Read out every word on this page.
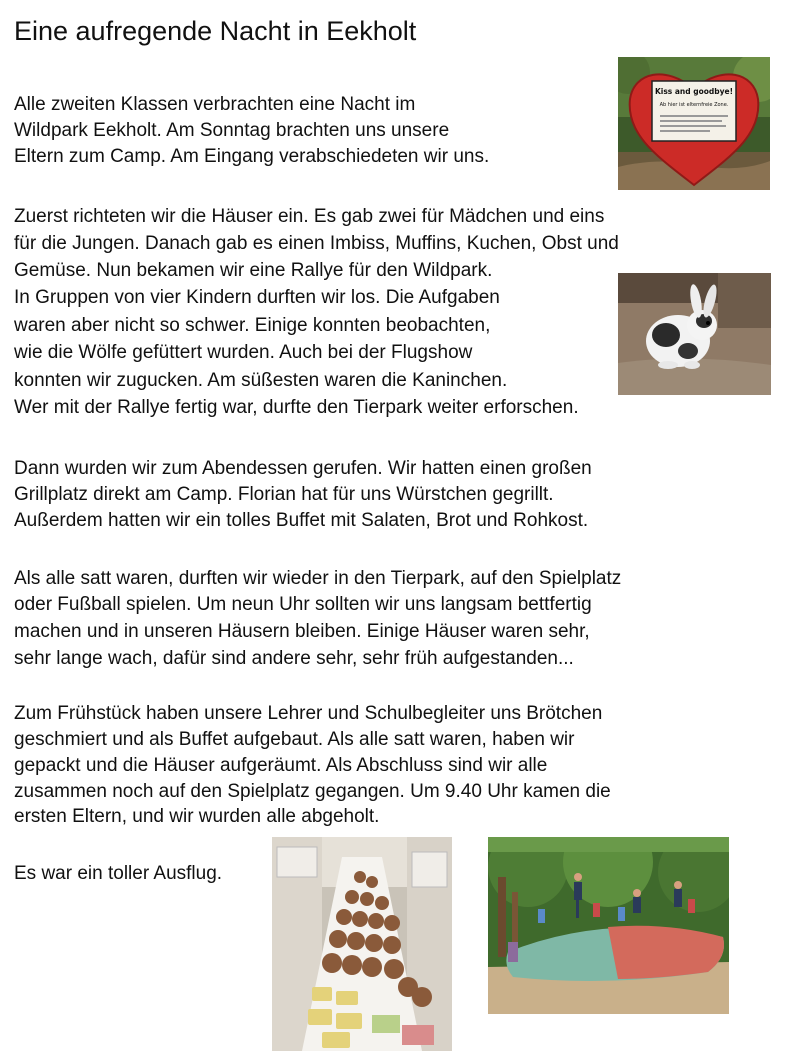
Eine aufregende Nacht in Eekholt
Alle zweiten Klassen verbrachten eine Nacht im
Wildpark Eekholt. Am Sonntag brachten uns unsere
Eltern zum Camp. Am Eingang verabschiedeten wir uns.
Zuerst richteten wir die Häuser ein. Es gab zwei für Mädchen und eins
für die Jungen. Danach gab es einen Imbiss, Muffins, Kuchen, Obst und
Gemüse. Nun bekamen wir eine Rallye für den Wildpark.
In Gruppen von vier Kindern durften wir los. Die Aufgaben
waren aber nicht so schwer. Einige konnten beobachten,
wie die Wölfe gefüttert wurden. Auch bei der Flugshow
konnten wir zugucken. Am süßesten waren die Kaninchen.
Wer mit der Rallye fertig war, durfte den Tierpark weiter erforschen.
Dann wurden wir zum Abendessen gerufen. Wir hatten einen großen
Grillplatz direkt am Camp. Florian hat für uns Würstchen gegrillt.
Außerdem hatten wir ein tolles Buffet mit Salaten, Brot und Rohkost.
Als alle satt waren, durften wir wieder in den Tierpark, auf den Spielplatz
oder Fußball spielen. Um neun Uhr sollten wir uns langsam bettfertig
machen und in unseren Häusern bleiben. Einige Häuser waren sehr,
sehr lange wach, dafür sind andere sehr, sehr früh aufgestanden...
Zum Frühstück haben unsere Lehrer und Schulbegleiter uns Brötchen
geschmiert und als Buffet aufgebaut. Als alle satt waren, haben wir
gepackt und die Häuser aufgeräumt. Als Abschluss sind wir alle
zusammen noch auf den Spielplatz gegangen. Um 9.40 Uhr kamen die
ersten Eltern, und wir wurden alle abgeholt.
Es war ein toller Ausflug.
Kiss and goodbye!
Ab hier ist elternfreie Zone.
